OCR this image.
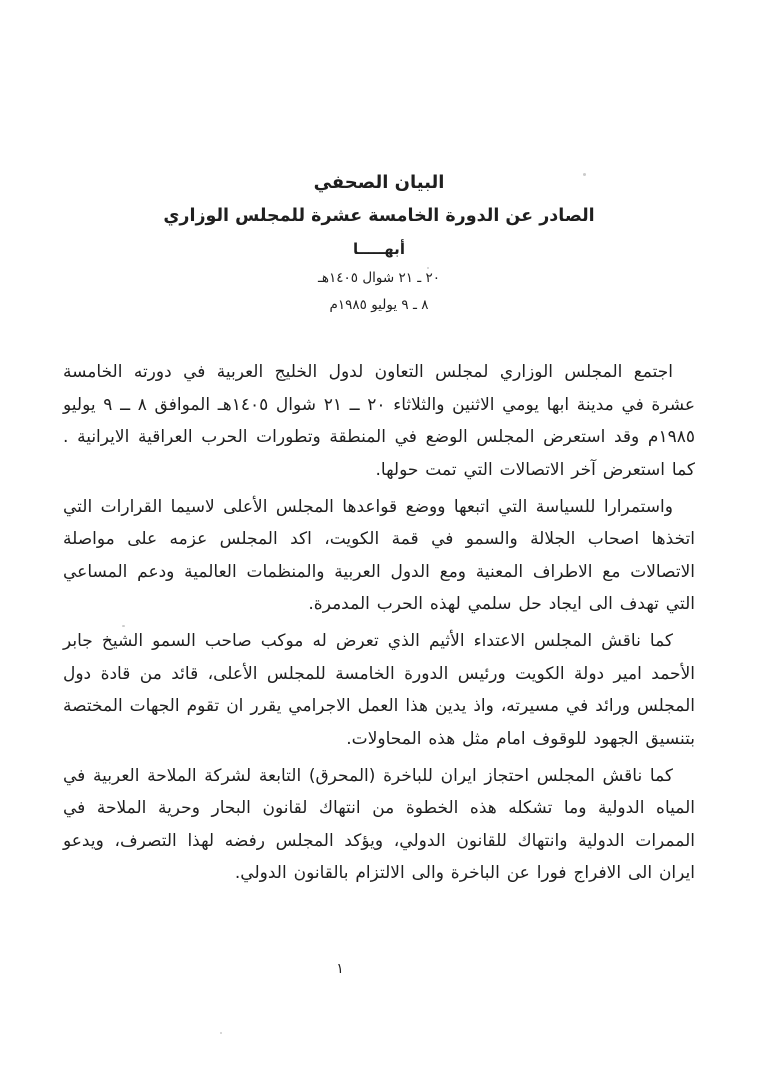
البيان الصحفي
الصادر عن الدورة الخامسة عشرة للمجلس الوزاري
أبهـــــا
٢٠ ـ ٢١ شوال ١٤٠٥هـ
٨ ـ ٩ يوليو ١٩٨٥م

اجتمع المجلس الوزاري لمجلس التعاون لدول الخليج العربية في دورته الخامسة عشرة في مدينة ابها يومي الاثنين والثلاثاء ٢٠ ــ ٢١ شوال ١٤٠٥هـ الموافق ٨ ــ ٩ يوليو ١٩٨٥م وقد استعرض المجلس الوضع في المنطقة وتطورات الحرب العراقية الايرانية . كما استعرض آخر الاتصالات التي تمت حولها.

واستمرارا للسياسة التي اتبعها ووضع قواعدها المجلس الأعلى لاسيما القرارات التي اتخذها اصحاب الجلالة والسمو في قمة الكويت، اكد المجلس عزمه على مواصلة الاتصالات مع الاطراف المعنية ومع الدول العربية والمنظمات العالمية ودعم المساعي التي تهدف الى ايجاد حل سلمي لهذه الحرب المدمرة.

كما ناقش المجلس الاعتداء الأثيم الذي تعرض له موكب صاحب السمو الشيخ جابر الأحمد امير دولة الكويت ورئيس الدورة الخامسة للمجلس الأعلى، قائد من قادة دول المجلس ورائد في مسيرته، واذ يدين هذا العمل الاجرامي يقرر ان تقوم الجهات المختصة بتنسيق الجهود للوقوف امام مثل هذه المحاولات.

كما ناقش المجلس احتجاز ايران للباخرة (المحرق) التابعة لشركة الملاحة العربية في المياه الدولية وما تشكله هذه الخطوة من انتهاك لقانون البحار وحرية الملاحة في الممرات الدولية وانتهاك للقانون الدولي، ويؤكد المجلس رفضه لهذا التصرف، ويدعو ايران الى الافراج فورا عن الباخرة والى الالتزام بالقانون الدولي.

١
